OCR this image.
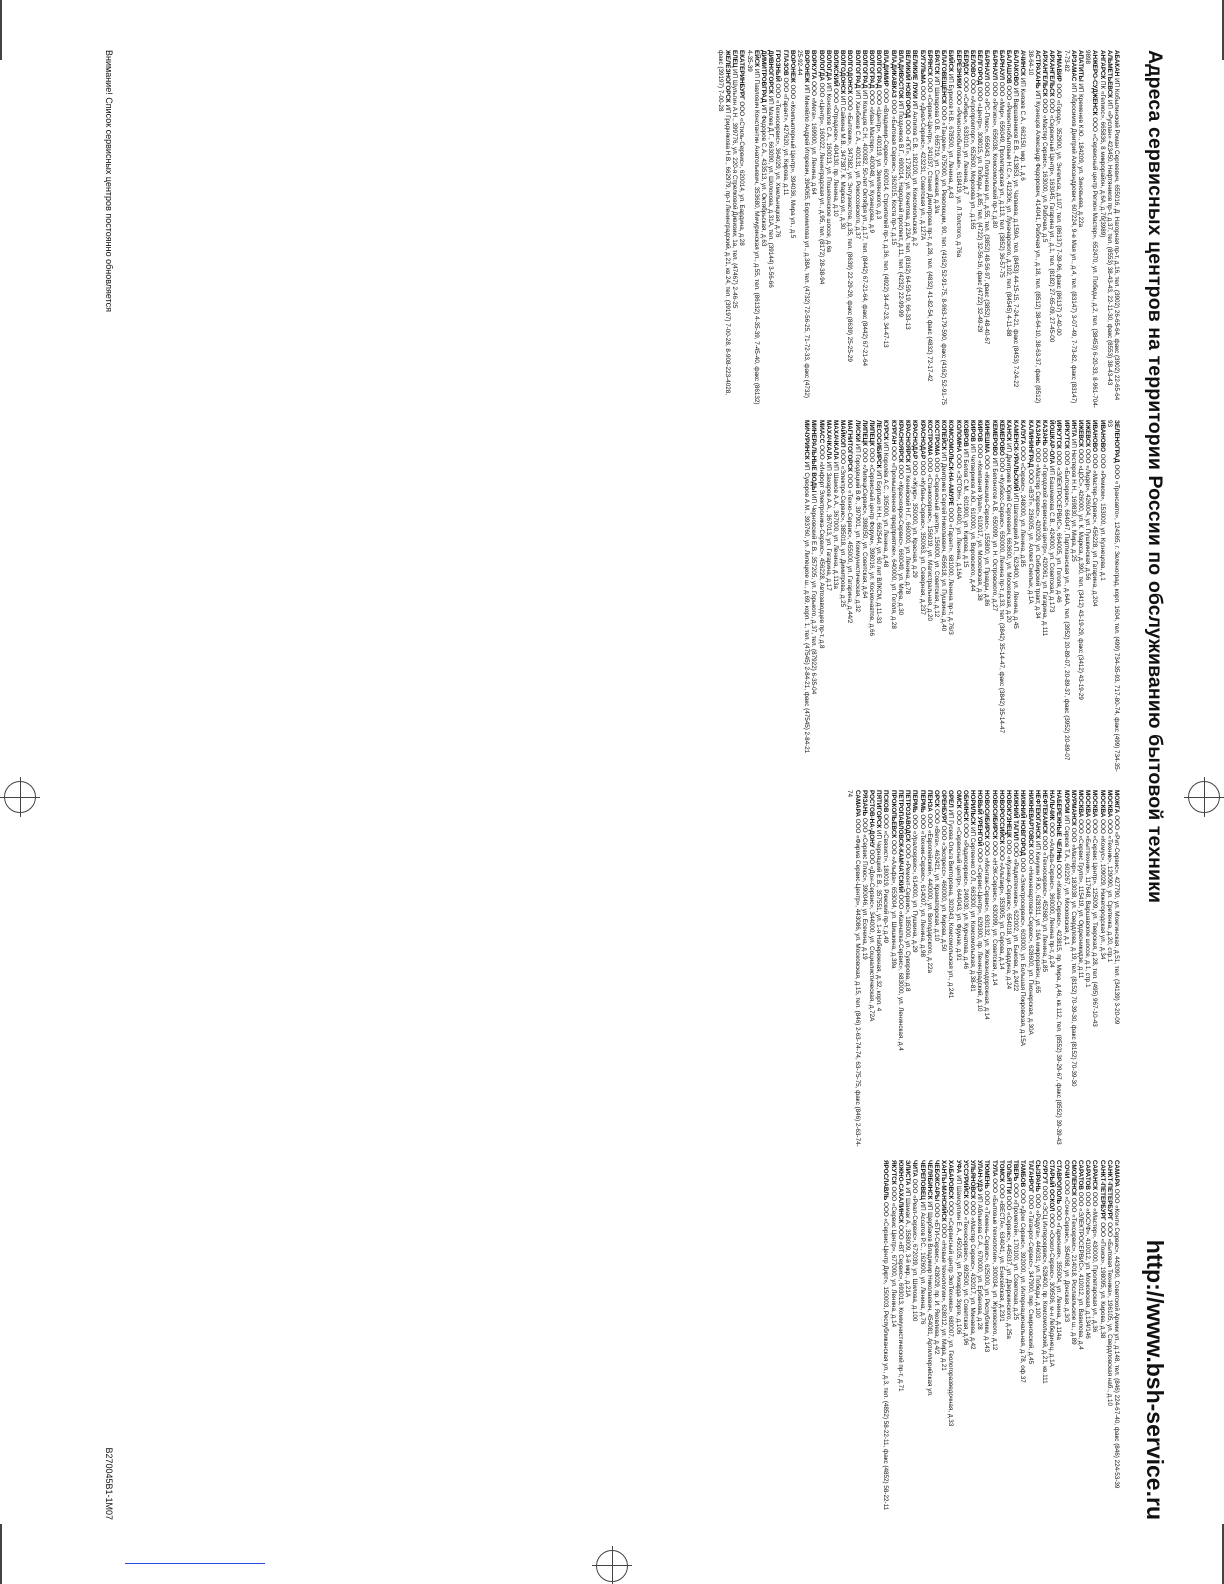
Адреса сервисных центров на территории России по обслуживанию бытовой техники
http://www.bsh-service.ru

АБАКАН ИП Кобылинский Роман Сергеевич, 655016, Д. Нагорная пр-т, д.16, тел. (3902) 26-65-64, факс (3902) 22-65-64

АЛЬМЕТЬЕВСК ИП «Руслан» 423450, Нефтяников пр-т, д.37, тел. (8553) 38-43-43, 22-11-30, факс (8553) 38-43-43

АНГАРСК ПК «Гелиос», 665836, 8 микрорайон, д.6А, д.7б(3989)

АНЖЕРО-СУДЖЕНСК ООО «Сервисный центр Регион Мастер», 652470, ул. Победы, д.2, тел. (38453) 6-20-33, 8-961-704-9898

АПАТИТЫ ИП Кременев К.Ю., 184209, ул. Зиновьева, д.22а

АРЗАМАС ИП Абросимов Дмитрий Александрович, 607224, 9-е Мая ул., д.4, тел. (83147) 3-07-49, 7-73-82, факс (83147) 7-73-82

АРМАВИР ООО «Город», 352900, ул. Энгельса, д.107, тел. (86137) 7-39-96, факс (86137) 2-40-00

АРХАНГЕЛЬСК ООО «Сервисный Центр», 163045, Гагарина ул., д.1, тел. (8182) 27-65-09, 27-45-00

АРХАНГЕЛЬСК ООО «Мастер Сервис», 163000, ул. Рабочая, д.5

АСТРАХАНЬ ИП Кузнецов Александр Федорович, 414041, Рабочая ул., д.18, тел. (8512) 38-64-10, 38-63-37, факс (8512) 38-64-10

АЧИНСК ИП Князев С.А., 662150, мкр. 1, д.6

БАЛАКОВО ИП Варшавников Е.В., 413853, ул. Чапаева, д.159А, тел. (8453) 44-15-15, 7-24-21, факс (8453) 7-24-22

БАЛАШОВ ООО «Ремонтнобытовые Н.С.», 412306, ул. Луначарского, д.102, тел. (84545) 4-11-88

БАРНАУЛ ООО «Мир», 656049, Пролетарская ул., д.113, тел. (3852) 36-57-75

БАРНАУЛ ООО «Регион», 656038, Комсомольский пр-т, д.80

БАРНАУЛ ООО «РС-Плюс», 656043, Ползунова ул., д.55, тел. (3852) 48-56-97, факс (3852) 48-40-67

БЕЛГОРОД ООО «Центр», 308015, ул. Победы, д.85, тел. (4722) 32-56-16, факс (4722) 32-49-29

БЕЛОВО ООО «Агропромторг», 652600, Морозова ул., д.165

БЕРДСК ООО «Сибирь», 633010, ул. Ленина, д.7

БЕРЕЗНИКИ ООО «Ремонтнобытовые», 618419, ул. Л.Толстого, д.76а

БИЙСК ИП Бурисов Н.В., 678500, ул. Ленина, д.43

БЛАГОВЕЩЕНСК ООО «Тандем», 675000, ул. Революции, 90, тел. (4162) 52-91-75, 8-963-179-590, факс (4162) 52-91-75

БРАТСК ИП Шапарова О.В., 665719, ул. Снежная, д.3/а

БРЯНСК ООО «Сервис-Центр», 241037, Станке Димитрова пр-т, д.28, тел. (4832) 41-82-54, факс (4832) 72-17-42

БУГУЛЬМА ООО «Диал-Сервис», 423231, Советская ул., д.127А

ВЕЛИКИЕ ЛУКИ ИП Антипов С.В., 182100, ул. Комсомольская, д.2

ВЕЛИКИЙ НОВГОРОД ООО «ГКТ», 173025, ул. Кочетова, д.23А, тел. (8162) 64-59-19, 66-33-13

ВЛАДИВОСТОК ИП Поздняков В.Г., 690014, Народный проспект, д.11, тел. (4232) 22-99-99

ВЛАДИКАВКАЗ ООО «Бытовая Сервис», 362015, Коста пр-т, д.15

ВЛАДИМИР ООО «Владимир-Сервис», 600014, Строителей пр-т, д.36, тел. (4922) 34-47-23, 34-47-13

ВОЛГОГРАД ООО «Центр», 400119, ул. Землянского, д.3

ВОЛГОГРАД ООО «Иван Мастер», 400048, ул. Кузнецова, д.9

ВОЛГОГРАД ИП Кольцов С.Н., 400082, 50-лет Октября ул., д.17, тел. (8442) 67-21-64, факс (8442) 67-21-64

ВОЛГОГРАД ИП Ханбеков С.А., 400131, ул. Рокоссовского, д.37

ВОЛГОДОНСК ООО «Бытовик», 347382, ул. Энтузиастов, д.35, тел. (8639) 22-29-29, факс (8639) 25-25-29

ВОЛГОДОНСК ИП Сайкина М.В., 347387, К. Маркса ул., д.30

ВОЛЖСКИЙ ООО «Отрадное», 404130, пр. Ленина, д.10

ВОЛОГДА ИП Коновалов С.А., 160013, ул. Пошехонское шоссе, д.6в

ВОЛОГДА ООО «Центр», 160022, Ленинградская ул., д.95, тел. (8172) 28-38-94

ВОРКУТА ООО «Мега», 169900, ул. Ленина, д.64

ВОРОНЕЖ ИП Миняйло Андрей Игоревич, 394065, Бороимлова ул., д.38А, тел. (4732) 72-56-25, 71-72-33, факс (4732) 25-92-44

ВОРОНЕЖ ООО «Компьютерный Центр», 394036, Мира ул., д.5

ГЛАЗОВ ООО «Гарант», 427620, ул. Кирова, д.11

ГРОЗНЫЙ ООО «Техносервис», 364029, ул. Хмельницкая, д.76

ДИВНОГОРСК ИП Малев Д.Г., 663090, ул. Шолохова, д.31А, тел. (39144) 3-56-66

ДИМИТРОВГРАД ИП Федоров С.А., 433513, ул. Октябрьская, д.63

ЕЙСК ИП Павлович Константин Анатольевич, 353680, Мичуринская ул., д.55, тел. (86132) 4-35-39, 7-45-40, факс (86132) 4-35-39

ЕКАТЕРИНБУРГ ООО «Стиль-Сервис», 620014, ул. Бардина, д.28

ЕЛЕЦ ИП Шульгин А.Н., 399776, ул. 220-я Стрелковой Дивизии, 1а, тел. (47467) 2-46-25

ЖЕЛЕЗНОГОРСК ИП Гриднякова Н.В., 662979, пр-т Ленинградский, д.21, кв.24, тел. (39197) 7-00-28, 8-908-223-4028, факс (39197) 7-00-28

ЗЕЛЕНОГРАД ООО «Трансавто», 124365, г. Зеленоград, корп. 1604, тел. (499) 734-35-93, 717-80-74, факс (499) 734-35-93

ИВАНОВО ООО «Ремком», 153000, ул. Кузнецова, д.1

ИВАНОВО ООО «Мастер-Сервис», 456228, ул. Гагарина, д.204

ИЖЕВСК ООО «Лидер», 426004, ул. Пушкинская, д.56

ИЖЕВСК ООО «ЦОС», 426000, ул. К. Маркса, д.390, тел. (3412) 43-19-29, факс (3412) 43-19-29

ИНТА ИП Нестеров Н.Н., 169830, ул. Мира, д.25

ИРКУТСК ООО «Бытсервис», 664047, Партизанская ул., д.64А, тел. (3952) 20-89-07, 20-89-37, факс (3952) 20-89-07

ИРКУТСК ООО «ЭЛЕКТРОСЕРВИС», 664005, ул. Гоголя, д.46

ЙОШКАР-ОЛА ИП Башмакова С.В., 424000, ул. Советская, д.173

КАЗАНЬ ООО «Городской сервисный центр», 420061, ул. Гагарина, д.111

КАЗАНЬ ООО «Мастер Сервис», 420029, ул. Сибирский тракт, д.34

КАЛИНИНГРАД ООО «ВЭТ», 236005, ул. Аллея Смелых, д.1А

КАЛУГА ООО «Сервис», 248000, ул. Ленина, д.85

КАМЕНСК-УРАЛЬСКИЙ ИП Шаговицкий А.П., 623400, ул. Ленина, д.45

КАНСК ИП Дмитриев Юрий Сергеевич, 663600, ул. Московская, д.20

КЕМЕРОВО ООО «Кузбасс-Сервис», 650000, Ленина пр-т, д.33, тел. (3842) 35-14-47, факс (3842) 35-14-47

КЕМЕРОВО ИП Белоногов А.В., 650099, ул. Н. Островского, д.27

КИНЕШМА ООО «Кинешма-Сервис», 155800, ул. Правды, д.86

КИРОВ ООО «Компания Урал», 610017, ул. Московская, д.38

КИРОВ ИП Четвериков А.Ю., 610000, ул. Воровского, д.44

КОВРОВ ИП Белов С.М., 601900, ул. Кирова, д.15

КОЛОМНА ООО «ЭСТОН», 140400, ул. Ленина, д.16А

КОМСОМОЛЬСК-НА-АМУРЕ ООО «Гарант», 681000, Ленина пр-т, д.76/3

КОПЕЙСК ИП Дмитриев Сергей Николаевич, 456618, ул. Пушкина, д.40

КОСТРОМА ООО «Сервисный центр», 156000, ул. Советская, д.12

КОСТРОМА ООО «Станкосервис», 156019, ул. Магистральная, д.20

КРАСНОДАР ООО «Кубань-Сервис», 350063, ул. Северная, д.237

КРАСНОДАР ООО «Жукр», 350000, ул. Красная, д.29

КРАСНОЯРСК ИП Кенийский Н.Г., 660000, ул. Ленина, д.78

КРАСНОЯРСК ООО «Красноярск-Сервис», 660049, ул. Мира, д.30

КУРГАН ООО «Промышленное предприятие», 640000, ул. Гоголя, д.28

КУРСК ИП Королёв А.С., 305000, ул. Ленина, д.48

ЛЕСОСИБИРСК ИП Бортько Н.Н., 662544, ул. 60 лет ВЛКСМ, д.11-33

ЛИПЕЦК ООО «Сервисный центр Форум», 398016, ул. Космонавтов, д.66

ЛИПЕЦК ООО «ЛипецкСервис», 398050, ул. Советская, д.64

ЛИСКИ ИП Городецкий В.Ф., 397901, ул. Коммунистическая, д.32

МАГНИТОГОРСК ООО «Техно-Сервис», 455000, ул. Гагарина, д.44/2

МАЙКОП ООО «Электро-Сервис», 385018, ул. Димитрова, д.25

МАХАЧКАЛА ИП Шамов А.А., 367000, ул. Ленина, д.113а

МАХАЧКАЛА ИП Захаров А.А., 367013, ул. Гагарина, д.17

МИАСС ООО «Инфорт Электроника-Сервис», 456228, Автозаводцев пр-т, д.8

МИНЕРАЛЬНЫЕ ВОДЫ ИП Черновский Е.В., 357205, ул. Горького, д.37, тел. (87922) 6-35-04

МИЧУРИНСК ИП Суворов А.М., 393760, ул. Липецкое ш., д.69, корп. 1, тел. (47545) 2-84-21, факс (47545) 2-84-21

МОЖГА ООО «Рит-Сервис», 427790, ул. Можгинская, д.51, тел. (34139) 3-20-09

МОСКВА ООО «Техник», 129090, ул. Сретенка, д.20, стр.1

МОСКВА ООО «Комус», 109029, Нижегородская ул., д.34

МОСКВА ООО «Сервис Центр», 125009, ул. Тверская, д.28, тел. (495) 967-10-43

МОСКВА ООО «Быттехник», 117648, Варшавское шоссе, д.1, стр.1

МОСКВА ООО «Сервис Групп», 115419, ул. Орджоникидзе, д.11

МУРМАНСК ООО «Мастер», 183038, ул. Свердлова, д.19, тел. (8152) 70-39-30, факс (8152) 70-39-30

МУРОМ ИП Серков Т.А., 602267, ул. Московская, д.1

НАБЕРЕЖНЫЕ ЧЕЛНЫ ООО «Кама-Сервис», 423815, пр. Мира, д.46, кв.112, тел. (8552) 39-29-67, факс (8552) 39-39-43

НАЛЬЧИК ООО «Альфа-Сервис», 360000, Ленина пр-т, д.24

НЕФТЕКАМСК ООО «Техносервис», 452680, ул. Ленина, д.85

НЕФТЕЮГАНСК ИП Кинукин Я.Ю., 628311, ул. 16А микрорайон, д.65

НИЖНЕВАРТОВСК ООО «Нижневартовск-Сервис», 628600, ул. Пионерская, д.30А

НИЖНИЙ НОВГОРОД ООО «Электросервис», 603000, ул. Большая Покровская, д.15А

НИЖНИЙ ТАГИЛ ООО «Радиотехника», 622002, ул. Быкова, д.24/22

НОВОКУЗНЕЦК ООО «Кузнецк-Сервис», 654018, ул. Бардина, д.24

НОВОРОССИЙСК ООО «Альтаир», 353905, ул. Серова, д.14

НОВОСИБИРСК ООО «НЭК-Сервис», 630099, ул. Советская, д.14

НОВОСИБИРСК ООО «Монтаж-Сервис», 630132, ул. Железнодорожная, д.14

НОВЫЙ УРЕНГОЙ ООО «Сервис-Центр», 629300, пр. Ленинградский, д.10

НОРИЛЬСК ИП Сергеенко О.Л., 663300, ул. Комсомольская, д.38-81

ОБНИНСК ООО «Радиосервис», 249030, ул. Курчатова, д.46

ОМСК ООО «Сервисный центр», 644043, ул. Фрунзе, д.91

ОРЕЛ ИП Гусева Ольга Викторовна, 302043, Комсомольская ул., д.241

ОРЕНБУРГ ООО «Экспресс», 460000, ул. Кирова, д.50

ОРСК ООО «Вега», 462421, ул. Краматорская, д.10

ПЕНЗА ООО «Европейский», 440000, ул. Володарского, д.22а

ПЕРМЬ ООО «Техник-Сервис», 614007, ул. Ленина, д.98

ПЕРМЬ ООО «Уралсервис», 614000, ул. Пушкина, д.29

ПЕТРОЗАВОДСК ООО «Ремонт-Сервис», 185000, ул. Суворова, д.8

ПЕТРОПАВЛОВСК-КАМЧАТСКИЙ ООО «Камчатка-Сервис», 683000, ул. Ленинская, д.4

ПРОКОПЬЕВСК ООО «Альфа», 653004, ул. Шишкина, д.39а

ПСКОВ ООО «Связист», 180019, Рижский пр-т, д.49

ПЯТИГОРСК ИП Черняцкий Е.В., 357551, ул. 1-я Набережная, д.32, корп. 4

РОСТОВ-НА-ДОНУ ООО «Дон-Сервис», 344000, ул. Социалистическая, д.72А

РЯЗАНЬ ООО «Сервис Плюс», 390046, ул. Есенина, д.19

САМАРА ООО «Фирма Сервис-Центр», 443086, ул. Московская, д.15, тел. (846) 2-63-74-74, 63-75-75, факс (846) 2-63-74-74

САМАРА ООО «Конти Сервис», 443090, Советской Армии ул., д.148, тел. (846) 224-67-40, факс (846) 224-53-39

САНКТ-ПЕТЕРБУРГ ООО «Бытовая Техника», 196105, ул. Свердловская наб., д.10

САНКТ-ПЕТЕРБУРГ ООО «Поиск», 198095, ул. Кирова, д.38

САРАНСК ООО «Мастер», 430000, Пролетарская ул., д.36

САРАТОВ ООО «ЮСУФ», 410012, ул. Московская, д.134/146

САРАТОВ ООО «ЭЛЕКТРОСЕРВИС», 410012, ул. Вавилова, д.4

СМОЛЕНСК ООО «Техсервис», 214018, Рославльское ш., д.89

СОЧИ ООО «Сочи-Сервис», 354068, ул. Донская, д.3/3

СТАВРОПОЛЬ ООО «Гармония», 355004, ул. Ленина, д.114а

СТАРЫЙ ОСКОЛ ООО «Оскол-Сервис», 309506, м-н Лебединец, д.1А

СУРГУТ ООО «ЭСЦ Интерсервис», 628400, пр. Комсомольский, д.21, кв.111

СЫЗРАНЬ ООО «Радуга», 446031, ул. Победы, д.100

ТАГАНРОГ ООО «Таганрог-Сервис», 347900, пер. Смирновский, д.45

ТАМБОВ ООО «Дом Сервис», 392000, ул. Интернациональная, д.78, оф.37

ТВЕРЬ ООО «Прометей», 170100, ул. Советская, д.25

ТОЛЬЯТТИ ООО «Сервис», 445037, ул. Дзержинского, д.25а

ТОМСК ООО «ВЕСТА», 634041, ул. Енисейская, д.23/1

ТУЛА ООО «Бытовые технологии», 300034, ул. Жуковского, д.12

ТЮМЕНЬ ООО «Тюмень-Сервис», 625000, ул. Республики, д.143

УЛАН-УДЭ ИП Аблыкова С.А., 670000, ул. Ербанова, д.28

УЛЬЯНОВСК ООО «Мастер Сервис», 432017, ул. Минаева, д.42

УССУРИЙСК ООО «Техносервис», 692500, ул. Советская, д.96

УФА ИП Шамсуллин Е.А., 450105, ул. Рихарда Зорге, д.106

ХАБАРОВСК ООО «Сервисный центр ЭкоТехника», 680007, ул. Геологоразведочная, д.33

ХАНТЫ-МАНСИЙСК ООО «Новые технологии», 628012, ул. Мира, д.21

ЧЕБОКСАРЫ ООО «БТИ-Сервис», 428029, пр. И. Яковлева, д.4/2

ЧЕЛЯБИНСК ИП Щербаков Владимир Николаевич, 454081, Артиллерийская ул.

ЧЕРЕПОВЕЦ ИП Ассатов Р.С., 162600, ул. Ленина, д.76

ЧИТА ООО «Реал-Сервис», 672039, ул. Шилова, д.100

ЭЛИСТА ИП Шамак А., 358009, 3-й мкр., д.21А

ЮЖНО-САХАЛИНСК ООО «ВТ Сервис», 693013, Коммунистический пр-т, д.71

ЯКУТСК ООО «Сервис Центр», 677000, ул. Ленина, д.14

ЯРОСЛАВЛЬ ООО «Сервис-Центр Дирт», 150003, Республиканская ул., д.3, тел. (4852) 58-22-11, факс (4852) 58-22-11

Внимание! Список сервисных центров постоянно обновляется
B270045B1-1M07
